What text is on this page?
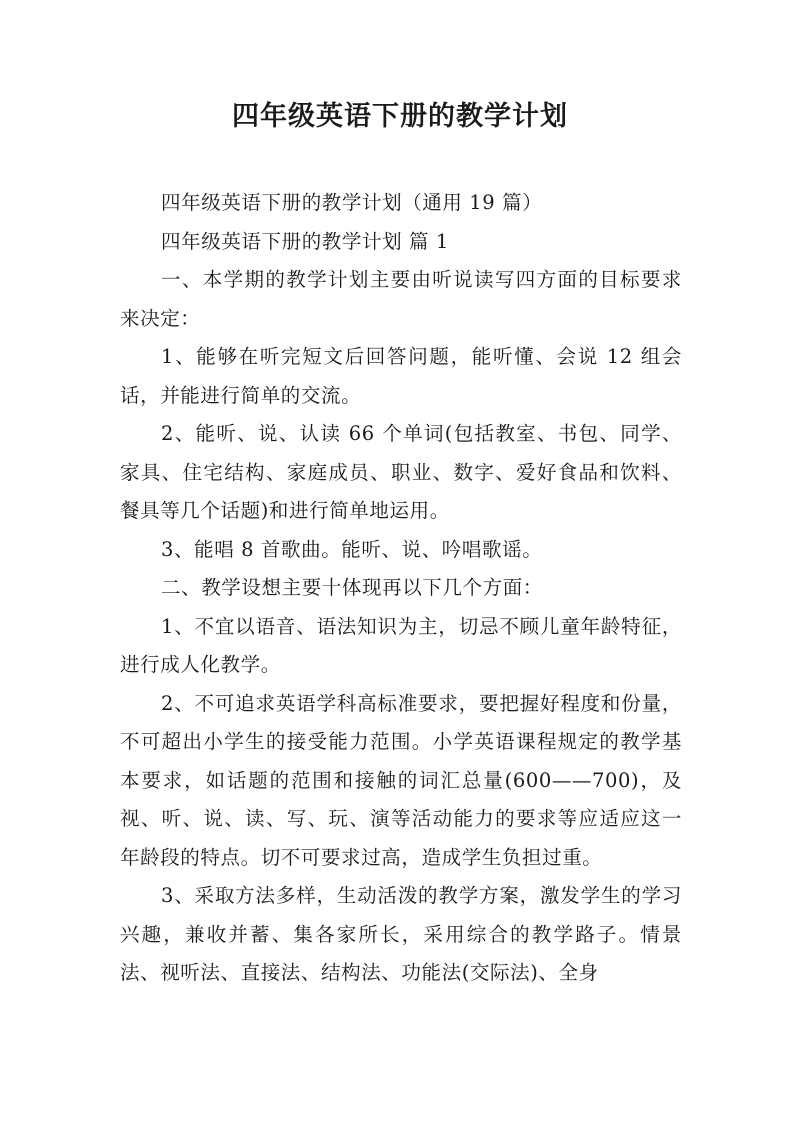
四年级英语下册的教学计划

四年级英语下册的教学计划（通用 19 篇）

四年级英语下册的教学计划 篇 1

一、本学期的教学计划主要由听说读写四方面的目标要求来决定：

1、能够在听完短文后回答问题，能听懂、会说 12 组会话，并能进行简单的交流。

2、能听、说、认读 66 个单词(包括教室、书包、同学、家具、住宅结构、家庭成员、职业、数字、爱好食品和饮料、餐具等几个话题)和进行简单地运用。

3、能唱 8 首歌曲。能听、说、吟唱歌谣。

二、教学设想主要十体现再以下几个方面：

1、不宜以语音、语法知识为主，切忌不顾儿童年龄特征，进行成人化教学。

2、不可追求英语学科高标准要求，要把握好程度和份量，不可超出小学生的接受能力范围。小学英语课程规定的教学基本要求，如话题的范围和接触的词汇总量(600——700)，及视、听、说、读、写、玩、演等活动能力的要求等应适应这一年龄段的特点。切不可要求过高，造成学生负担过重。

3、采取方法多样，生动活泼的教学方案，激发学生的学习兴趣，兼收并蓄、集各家所长，采用综合的教学路子。情景法、视听法、直接法、结构法、功能法(交际法)、全身
